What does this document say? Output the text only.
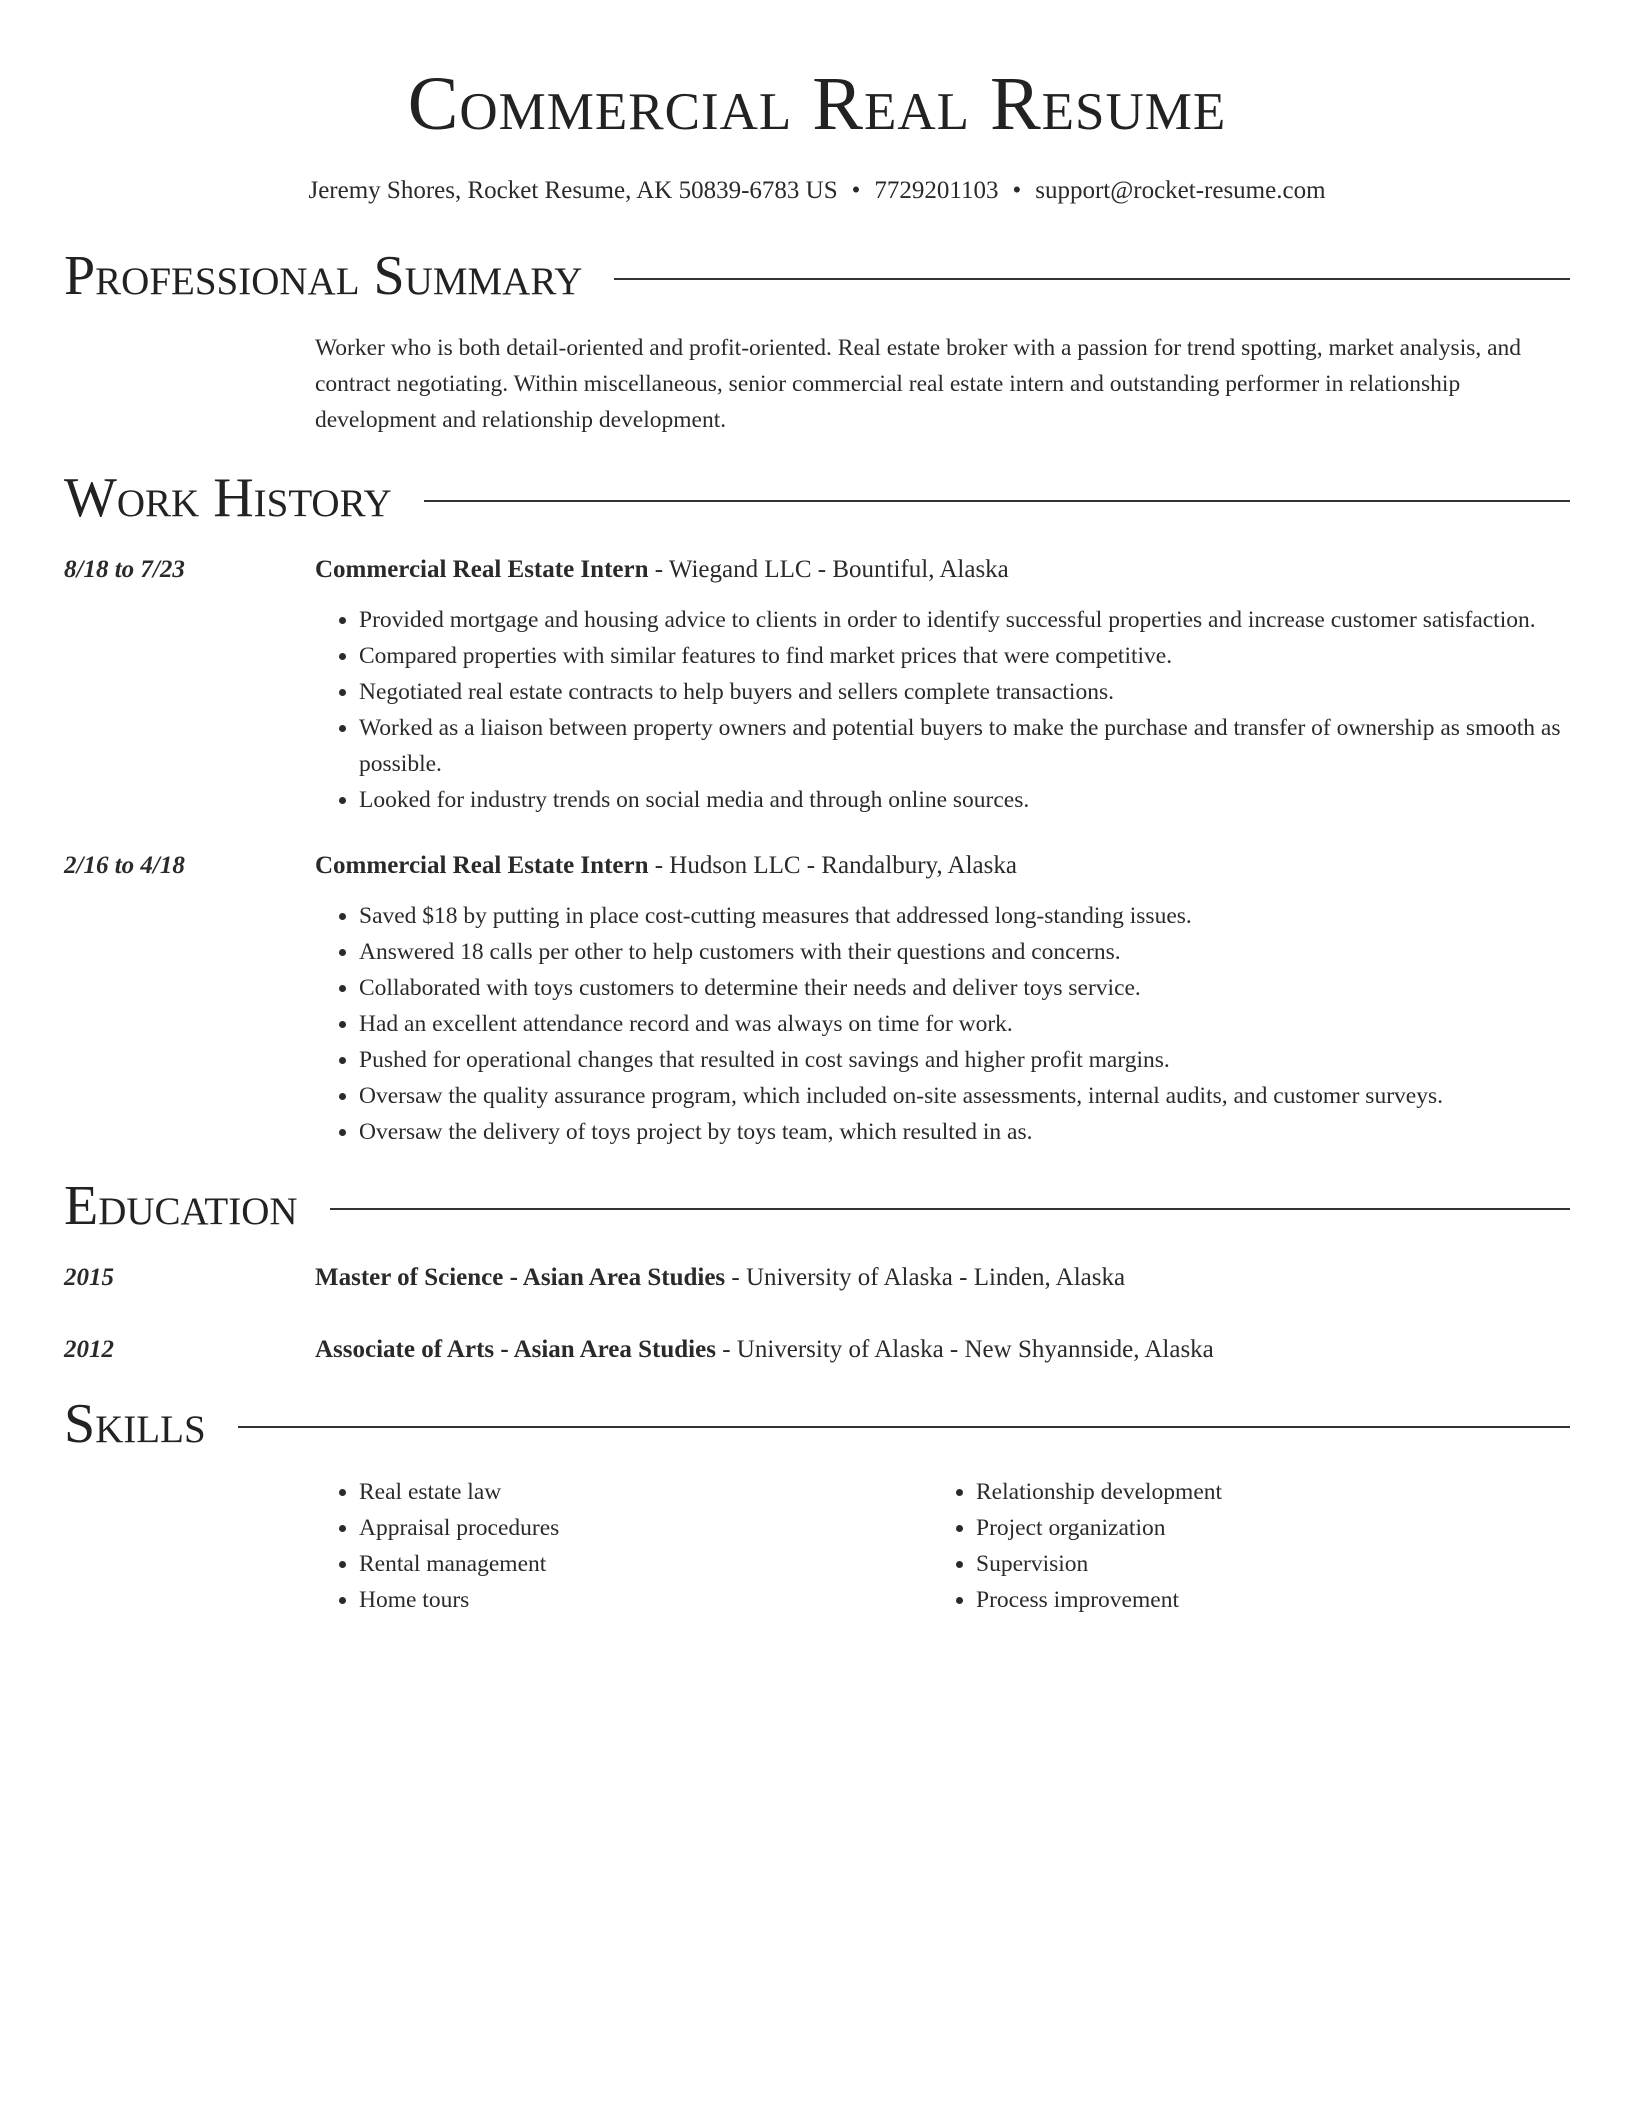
Commercial Real Resume
Jeremy Shores, Rocket Resume, AK 50839-6783 US • 7729201103 • support@rocket-resume.com
Professional Summary
Worker who is both detail-oriented and profit-oriented. Real estate broker with a passion for trend spotting, market analysis, and contract negotiating. Within miscellaneous, senior commercial real estate intern and outstanding performer in relationship development and relationship development.
Work History
8/18 to 7/23	Commercial Real Estate Intern - Wiegand LLC - Bountiful, Alaska
• Provided mortgage and housing advice to clients in order to identify successful properties and increase customer satisfaction.
• Compared properties with similar features to find market prices that were competitive.
• Negotiated real estate contracts to help buyers and sellers complete transactions.
• Worked as a liaison between property owners and potential buyers to make the purchase and transfer of ownership as smooth as possible.
• Looked for industry trends on social media and through online sources.
2/16 to 4/18	Commercial Real Estate Intern - Hudson LLC - Randalbury, Alaska
• Saved $18 by putting in place cost-cutting measures that addressed long-standing issues.
• Answered 18 calls per other to help customers with their questions and concerns.
• Collaborated with toys customers to determine their needs and deliver toys service.
• Had an excellent attendance record and was always on time for work.
• Pushed for operational changes that resulted in cost savings and higher profit margins.
• Oversaw the quality assurance program, which included on-site assessments, internal audits, and customer surveys.
• Oversaw the delivery of toys project by toys team, which resulted in as.
Education
2015	Master of Science - Asian Area Studies - University of Alaska - Linden, Alaska
2012	Associate of Arts - Asian Area Studies - University of Alaska - New Shyannside, Alaska
Skills
• Real estate law
• Appraisal procedures
• Rental management
• Home tours
• Relationship development
• Project organization
• Supervision
• Process improvement
